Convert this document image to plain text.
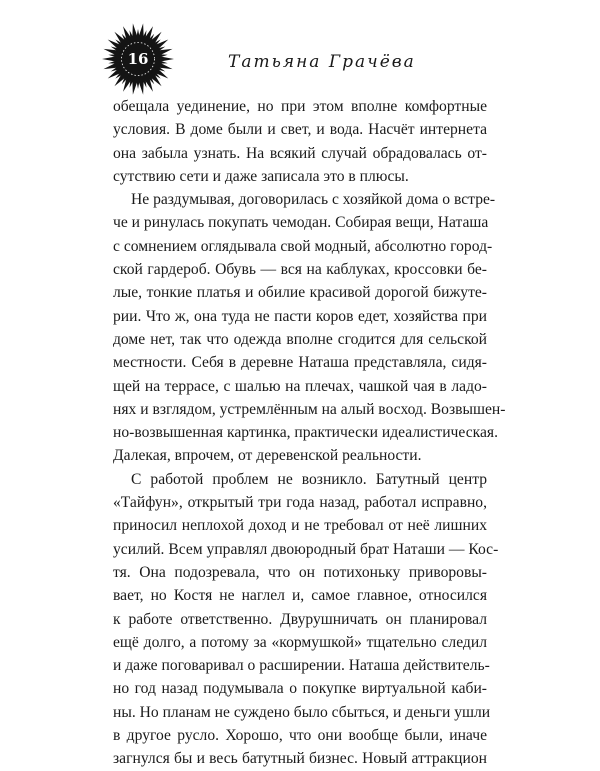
16	Татьяна Грачёва
обещала уединение, но при этом вполне комфортные
условия. В доме были и свет, и вода. Насчёт интернета
она забыла узнать. На всякий случай обрадовалась от-
сутствию сети и даже записала это в плюсы.
Не раздумывая, договорилась с хозяйкой дома о встре-
че и ринулась покупать чемодан. Собирая вещи, Наташа
с сомнением оглядывала свой модный, абсолютно город-
ской гардероб. Обувь — вся на каблуках, кроссовки бе-
лые, тонкие платья и обилие красивой дорогой бижуте-
рии. Что ж, она туда не пасти коров едет, хозяйства при
доме нет, так что одежда вполне сгодится для сельской
местности. Себя в деревне Наташа представляла, сидя-
щей на террасе, с шалью на плечах, чашкой чая в ладо-
нях и взглядом, устремлённым на алый восход. Возвышен-
но-возвышенная картинка, практически идеалистическая.
Далекая, впрочем, от деревенской реальности.
С работой проблем не возникло. Батутный центр
«Тайфун», открытый три года назад, работал исправно,
приносил неплохой доход и не требовал от неё лишних
усилий. Всем управлял двоюродный брат Наташи — Кос-
тя. Она подозревала, что он потихоньку приворовы-
вает, но Костя не наглел и, самое главное, относился
к работе ответственно. Двурушничать он планировал
ещё долго, а потому за «кормушкой» тщательно следил
и даже поговаривал о расширении. Наташа действитель-
но год назад подумывала о покупке виртуальной каби-
ны. Но планам не суждено было сбыться, и деньги ушли
в другое русло. Хорошо, что они вообще были, иначе
загнулся бы и весь батутный бизнес. Новый аттракцион
